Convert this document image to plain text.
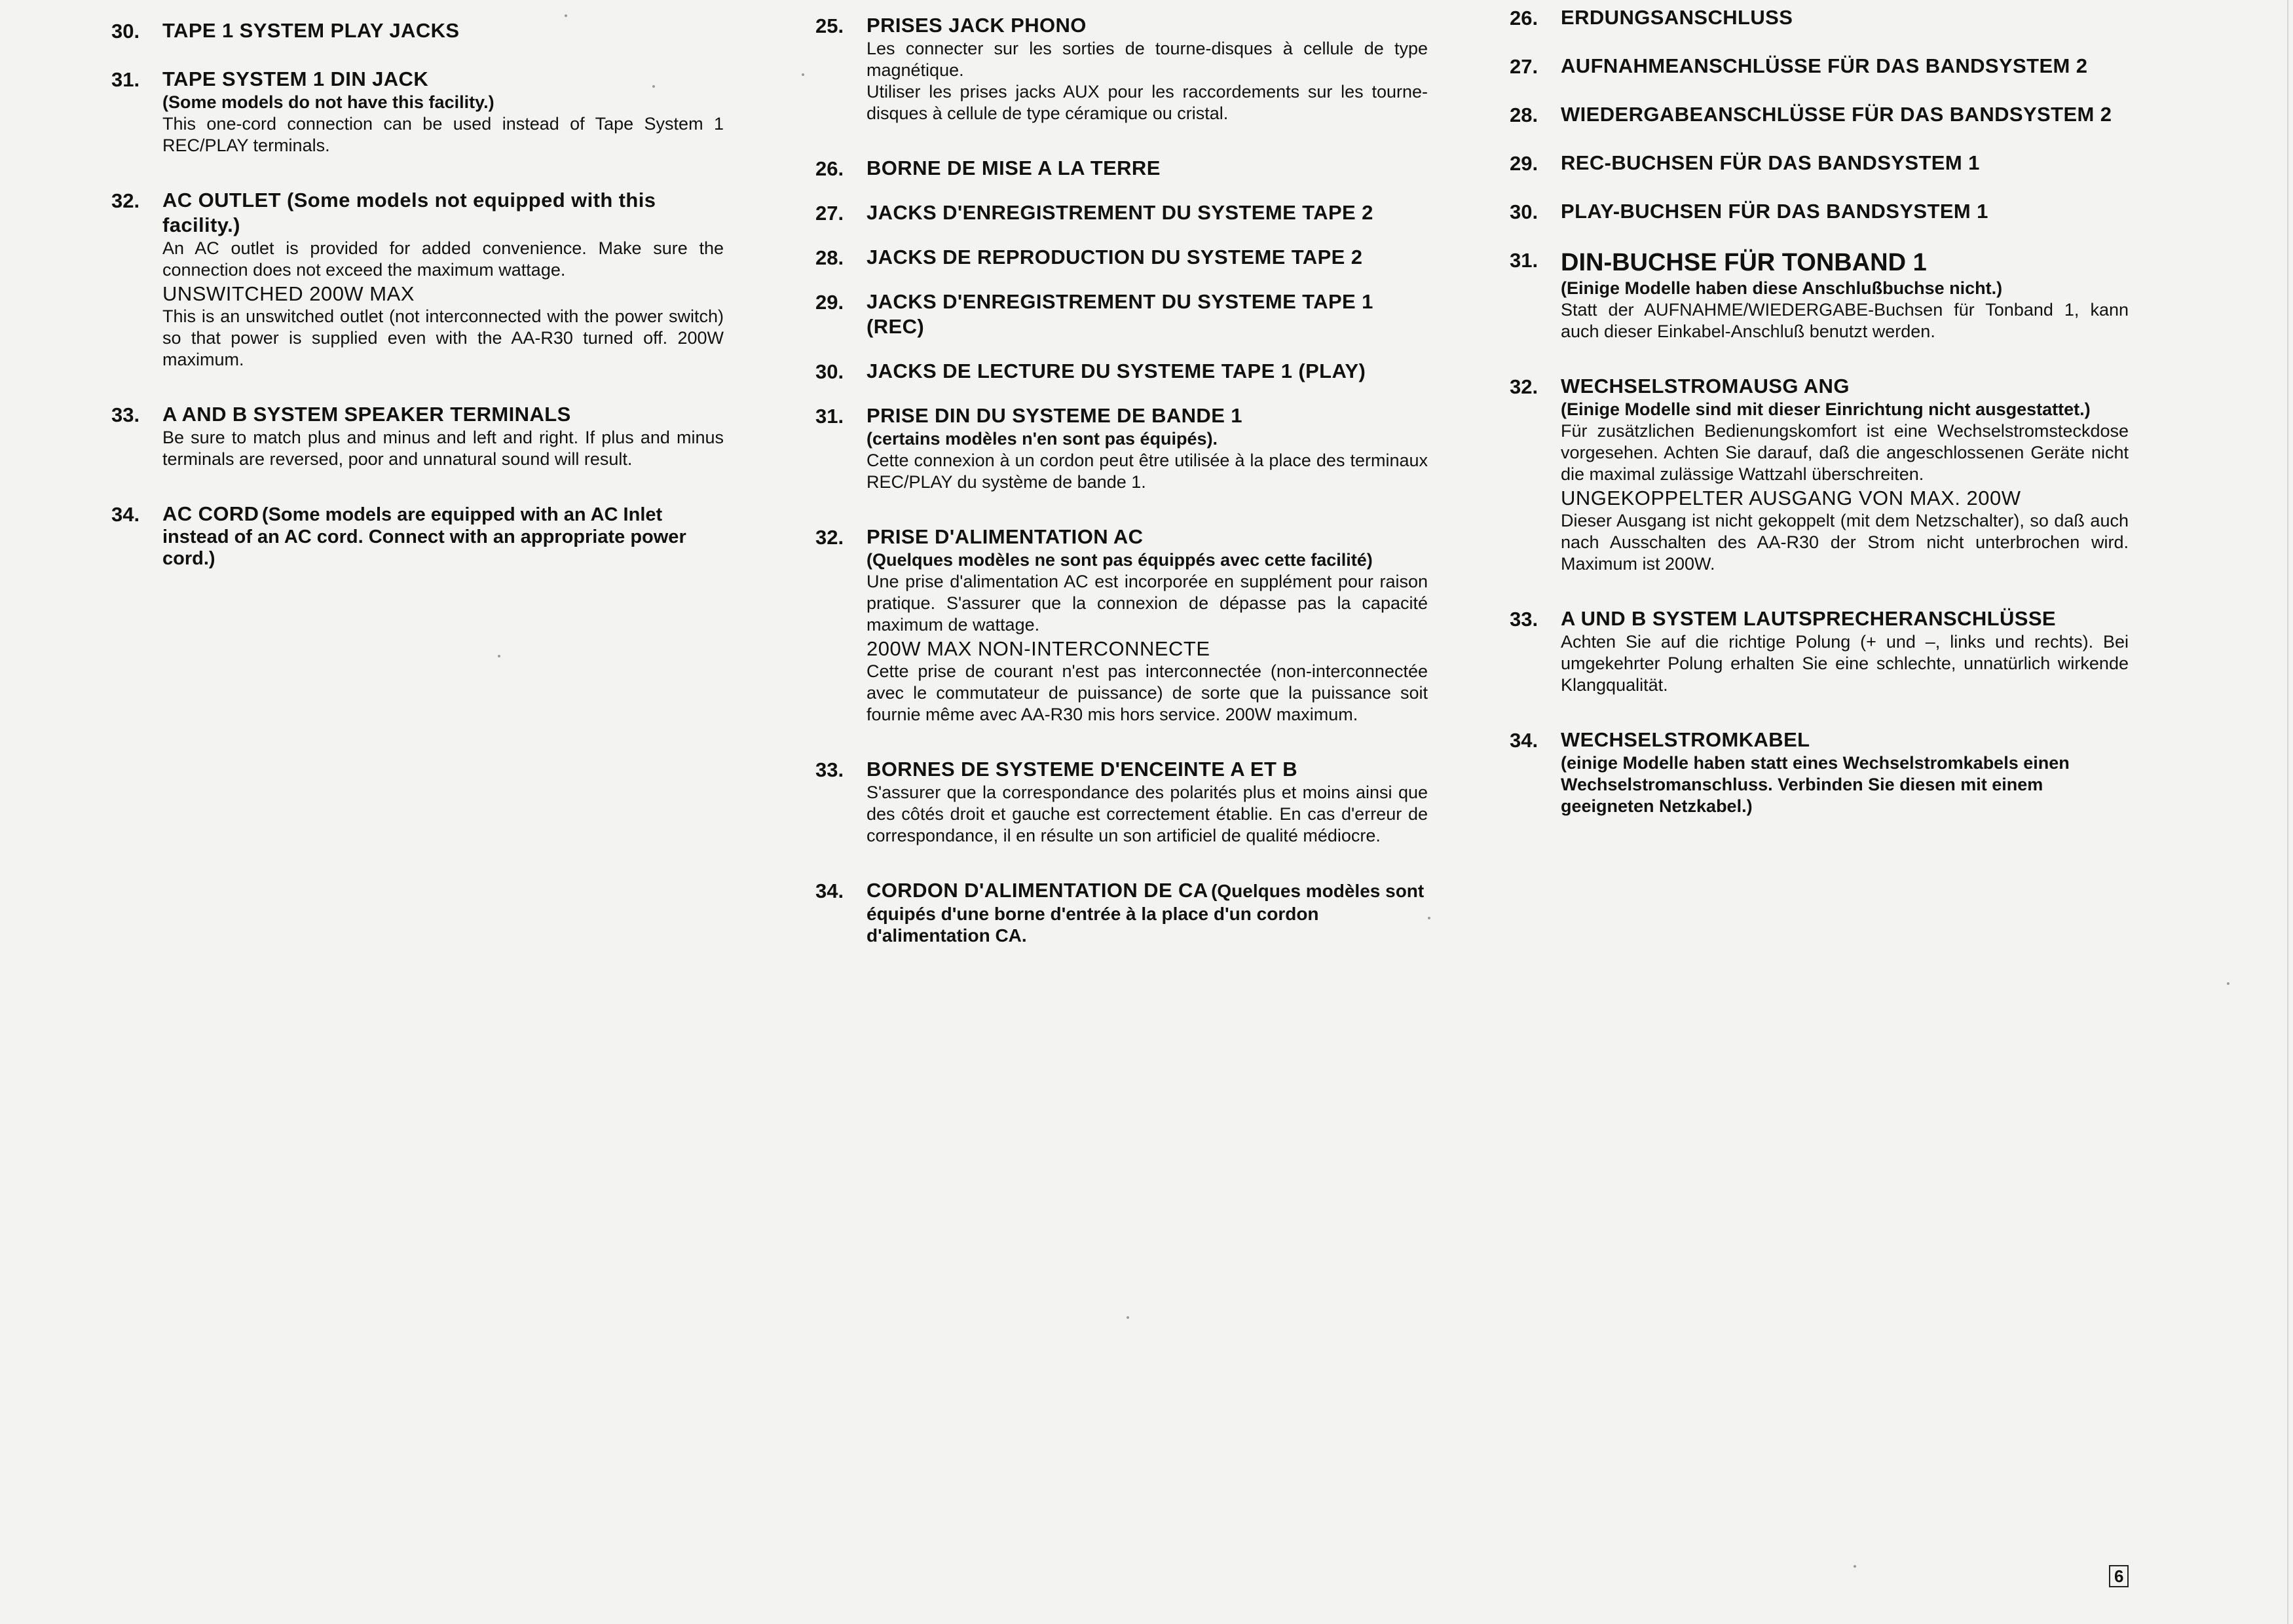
30. TAPE 1 SYSTEM PLAY JACKS

31. TAPE SYSTEM 1 DIN JACK

(Some models do not have this facility.)

This one-cord connection can be used instead of Tape System 1 REC/PLAY terminals.

32. AC OUTLET (Some models not equipped with this facility.)

An AC outlet is provided for added convenience. Make sure the connection does not exceed the maximum wattage.

UNSWITCHED 200W MAX

This is an unswitched outlet (not interconnected with the power switch) so that power is supplied even with the AA-R30 turned off. 200W maximum.

33. A AND B SYSTEM SPEAKER TERMINALS

Be sure to match plus and minus and left and right. If plus and minus terminals are reversed, poor and unnatural sound will result.

34. AC CORD (Some models are equipped with an AC Inlet instead of an AC cord. Connect with an appropriate power cord.)
25. PRISES JACK PHONO

Les connecter sur les sorties de tourne-disques à cellule de type magnétique.

Utiliser les prises jacks AUX pour les raccordements sur les tourne-disques à cellule de type céramique ou cristal.

26. BORNE DE MISE A LA TERRE

27. JACKS D'ENREGISTREMENT DU SYSTEME TAPE 2

28. JACKS DE REPRODUCTION DU SYSTEME TAPE 2

29. JACKS D'ENREGISTREMENT DU SYSTEME TAPE 1 (REC)

30. JACKS DE LECTURE DU SYSTEME TAPE 1 (PLAY)

31. PRISE DIN DU SYSTEME DE BANDE 1

(certains modèles n'en sont pas équipés).

Cette connexion à un cordon peut être utilisée à la place des terminaux REC/PLAY du système de bande 1.

32. PRISE D'ALIMENTATION AC

(Quelques modèles ne sont pas équippés avec cette facilité)

Une prise d'alimentation AC est incorporée en supplément pour raison pratique. S'assurer que la connexion de dépasse pas la capacité maximum de wattage.

200W MAX NON-INTERCONNECTE

Cette prise de courant n'est pas interconnectée (non-interconnectée avec le commutateur de puissance) de sorte que la puissance soit fournie même avec AA-R30 mis hors service. 200W maximum.

33. BORNES DE SYSTEME D'ENCEINTE A ET B

S'assurer que la correspondance des polarités plus et moins ainsi que des côtés droit et gauche est correctement établie. En cas d'erreur de correspondance, il en résulte un son artificiel de qualité médiocre.

34. CORDON D'ALIMENTATION DE CA (Quelques modèles sont équipés d'une borne d'entrée à la place d'un cordon d'alimentation CA.
26. ERDUNGSANSCHLUSS

27. AUFNAHMEANSCHLÜSSE FÜR DAS BANDSYSTEM 2

28. WIEDERGABEANSCHLÜSSE FÜR DAS BANDSYSTEM 2

29. REC-BUCHSEN FÜR DAS BANDSYSTEM 1

30. PLAY-BUCHSEN FÜR DAS BANDSYSTEM 1

31. DIN-BUCHSE FÜR TONBAND 1

(Einige Modelle haben diese Anschlußbuchse nicht.)

Statt der AUFNAHME/WIEDERGABE-Buchsen für Tonband 1, kann auch dieser Einkabel-Anschluß benutzt werden.

32. WECHSELSTROMAUSG ANG

(Einige Modelle sind mit dieser Einrichtung nicht ausgestattet.)

Für zusätzlichen Bedienungskomfort ist eine Wechselstromsteckdose vorgesehen. Achten Sie darauf, daß die angeschlossenen Geräte nicht die maximal zulässige Wattzahl überschreiten.

UNGEKOPPELTER AUSGANG VON MAX. 200W

Dieser Ausgang ist nicht gekoppelt (mit dem Netzschalter), so daß auch nach Ausschalten des AA-R30 der Strom nicht unterbrochen wird. Maximum ist 200W.

33. A UND B SYSTEM LAUTSPRECHERANSCHLÜSSE

Achten Sie auf die richtige Polung (+ und –, links und rechts). Bei umgekehrter Polung erhalten Sie eine schlechte, unnatürlich wirkende Klangqualität.

34. WECHSELSTROMKABEL

(einige Modelle haben statt eines Wechselstromkabels einen Wechselstromanschluss. Verbinden Sie diesen mit einem geeigneten Netzkabel.)

6
